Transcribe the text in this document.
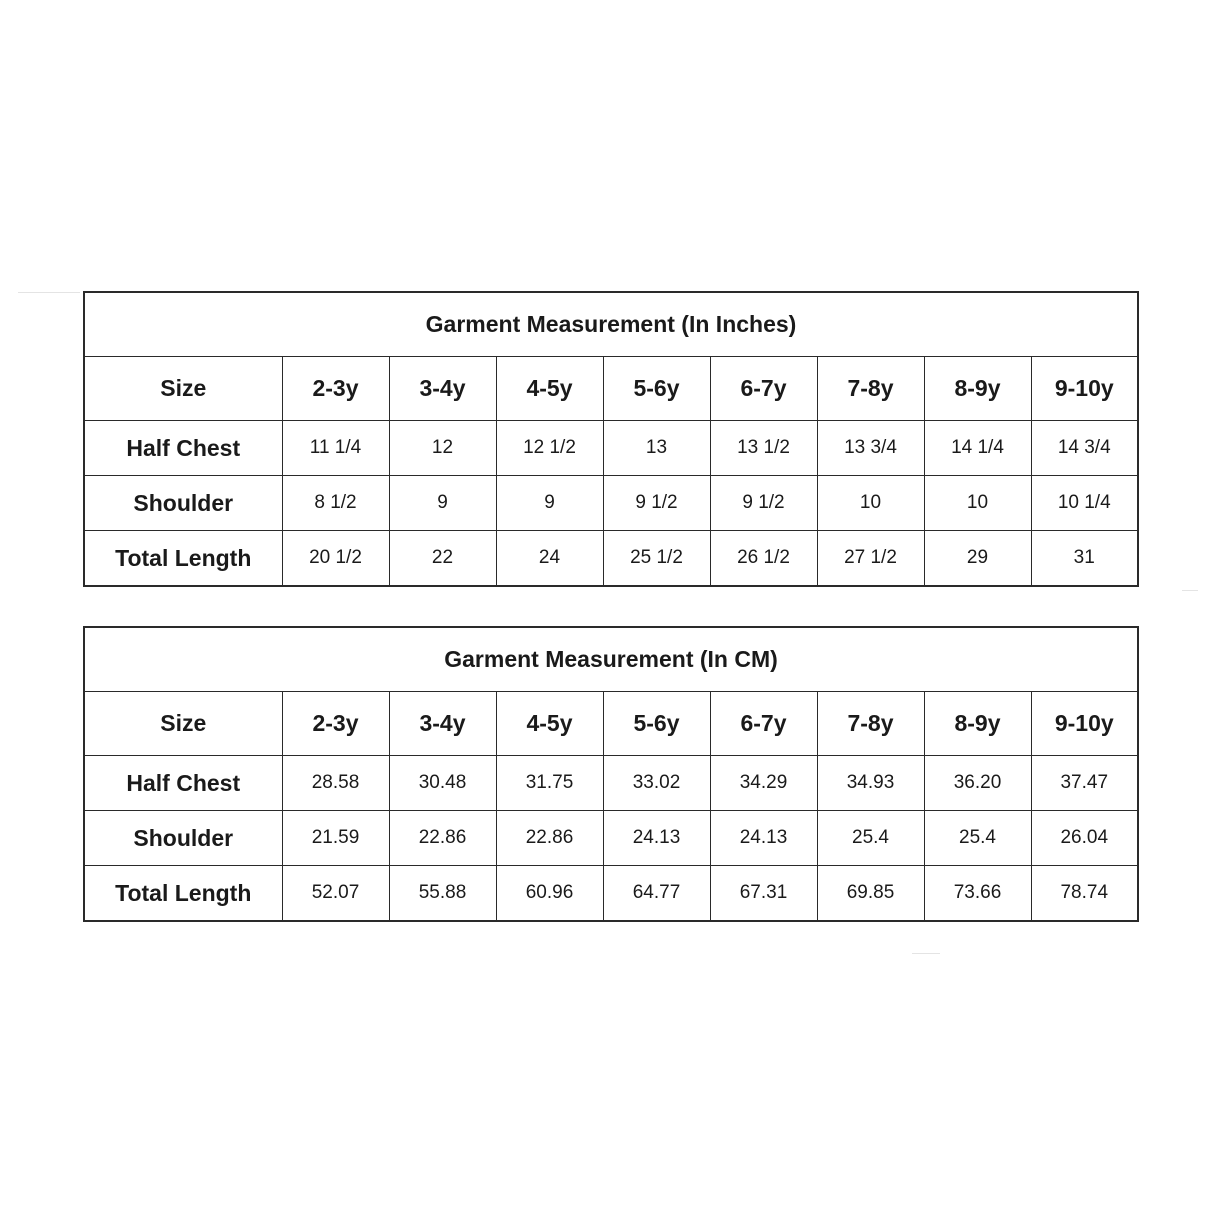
Garment Measurement (In Inches)								
Size	2-3y	3-4y	4-5y	5-6y	6-7y	7-8y	8-9y	9-10y
Half Chest	11 1/4	12	12 1/2	13	13 1/2	13 3/4	14 1/4	14 3/4
Shoulder	8 1/2	9	9	9 1/2	9 1/2	10	10	10 1/4
Total Length	20 1/2	22	24	25 1/2	26 1/2	27 1/2	29	31
Garment Measurement (In CM)								
Size	2-3y	3-4y	4-5y	5-6y	6-7y	7-8y	8-9y	9-10y
Half Chest	28.58	30.48	31.75	33.02	34.29	34.93	36.20	37.47
Shoulder	21.59	22.86	22.86	24.13	24.13	25.4	25.4	26.04
Total Length	52.07	55.88	60.96	64.77	67.31	69.85	73.66	78.74
